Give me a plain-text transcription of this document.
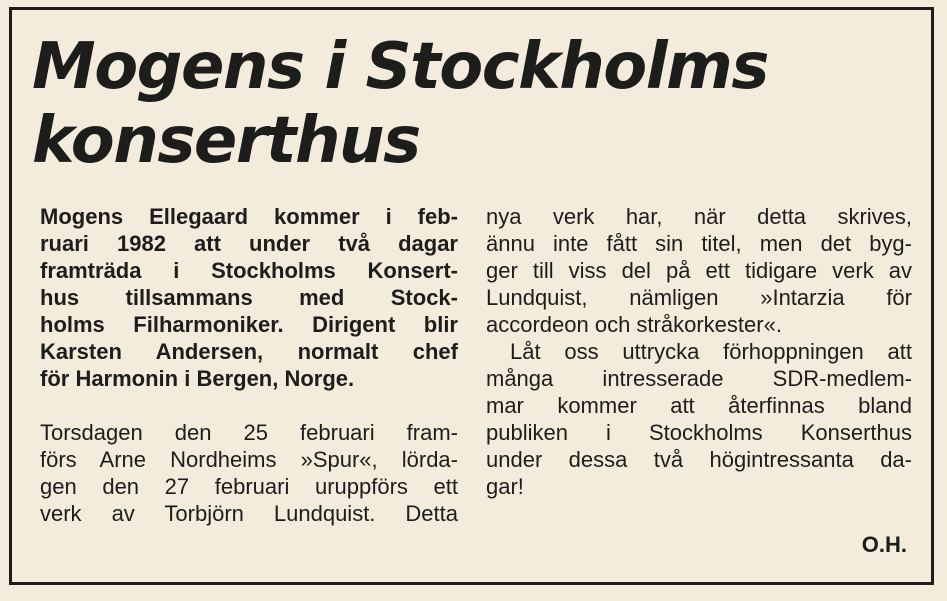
Mogens i Stockholms
konserthus

Mogens Ellegaard kommer i feb-
ruari 1982 att under två dagar
framträda i Stockholms Konsert-
hus tillsammans med Stock-
holms Filharmoniker. Dirigent blir
Karsten Andersen, normalt chef
för Harmonin i Bergen, Norge.

Torsdagen den 25 februari fram-
förs Arne Nordheims »Spur«, lörda-
gen den 27 februari uruppförs ett
verk av Torbjörn Lundquist. Detta

nya verk har, när detta skrives,
ännu inte fått sin titel, men det byg-
ger till viss del på ett tidigare verk av
Lundquist, nämligen »Intarzia för
accordeon och stråkorkester«.

Låt oss uttrycka förhoppningen att
många intresserade SDR-medlem-
mar kommer att återfinnas bland
publiken i Stockholms Konserthus
under dessa två högintressanta da-
gar!

O.H.
